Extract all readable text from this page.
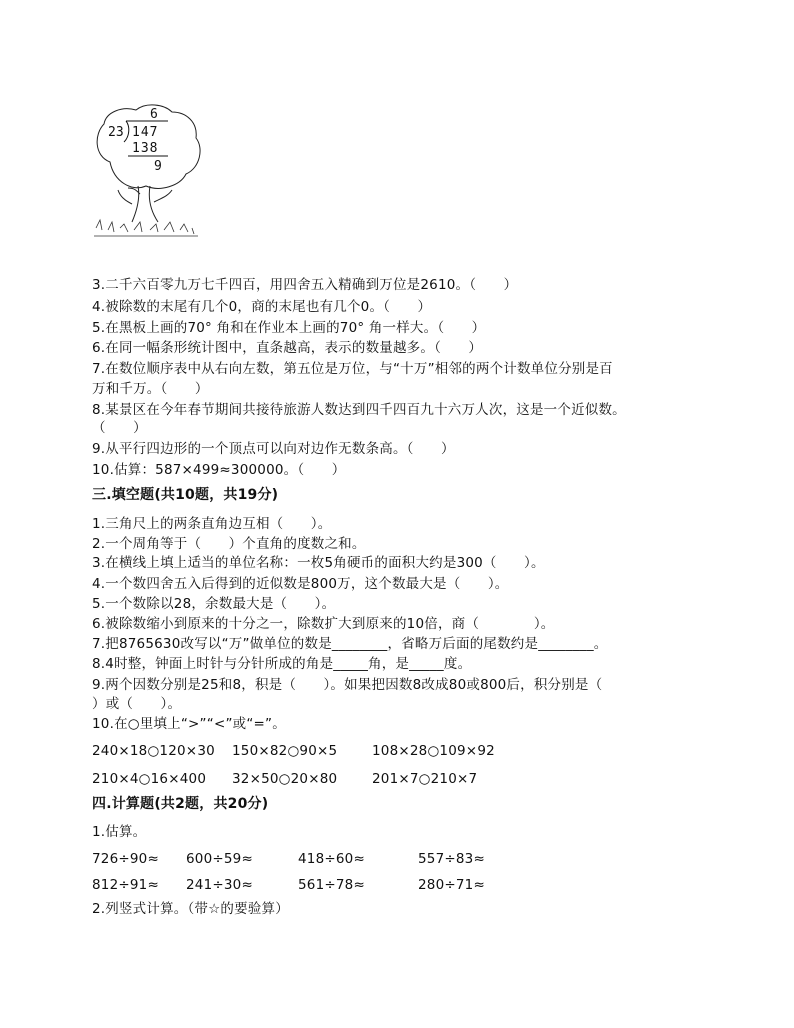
6
23 147
138
9
3.二千六百零九万七千四百，用四舍五入精确到万位是2610。（　　）
4.被除数的末尾有几个0，商的末尾也有几个0。（　　）
5.在黑板上画的70° 角和在作业本上画的70° 角一样大。（　　）
6.在同一幅条形统计图中，直条越高，表示的数量越多。（　　）
7.在数位顺序表中从右向左数，第五位是万位，与“十万”相邻的两个计数单位分别是百
万和千万。（　　）
8.某景区在今年春节期间共接待旅游人数达到四千四百九十六万人次，这是一个近似数。
（　　）
9.从平行四边形的一个顶点可以向对边作无数条高。（　　）
10.估算：587×499≈300000。（　　）
三.填空题(共10题，共19分)
1.三角尺上的两条直角边互相（　　）。
2.一个周角等于（　　）个直角的度数之和。
3.在横线上填上适当的单位名称：一枚5角硬币的面积大约是300（　　）。
4.一个数四舍五入后得到的近似数是800万，这个数最大是（　　）。
5.一个数除以28，余数最大是（　　）。
6.被除数缩小到原来的十分之一，除数扩大到原来的10倍，商（　　　　）。
7.把8765630改写以“万”做单位的数是________，省略万后面的尾数约是________。
8.4时整，钟面上时针与分针所成的角是_____角，是_____度。
9.两个因数分别是25和8，积是（　　）。如果把因数8改成80或800后，积分别是（
）或（　　）。
10.在○里填上“>”“<”或“=”。
240×18○120×30	150×82○90×5	108×28○109×92
210×4○16×400	32×50○20×80	201×7○210×7
四.计算题(共2题，共20分)
1.估算。
726÷90≈	600÷59≈	418÷60≈	557÷83≈
812÷91≈	241÷30≈	561÷78≈	280÷71≈
2.列竖式计算。（带☆的要验算）
